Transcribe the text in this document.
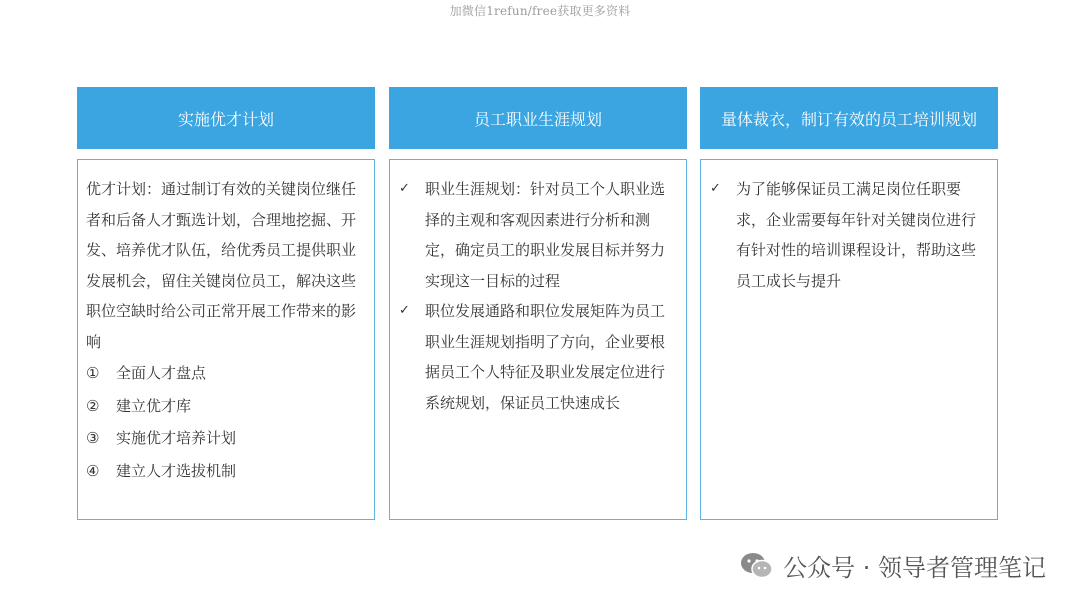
加微信1refun/free获取更多资料
实施优才计划

优才计划：通过制订有效的关键岗位继任者和后备人才甄选计划，合理地挖掘、开发、培养优才队伍，给优秀员工提供职业发展机会，留住关键岗位员工，解决这些职位空缺时给公司正常开展工作带来的影响

①	全面人才盘点
②	建立优才库
③	实施优才培养计划
④	建立人才选拔机制
员工职业生涯规划
✓	职业生涯规划：针对员工个人职业选择的主观和客观因素进行分析和测定，确定员工的职业发展目标并努力实现这一目标的过程
✓	职位发展通路和职位发展矩阵为员工职业生涯规划指明了方向，企业要根据员工个人特征及职业发展定位进行系统规划，保证员工快速成长
量体裁衣，制订有效的员工培训规划
✓	为了能够保证员工满足岗位任职要求，企业需要每年针对关键岗位进行有针对性的培训课程设计，帮助这些员工成长与提升
公众号 · 领导者管理笔记
